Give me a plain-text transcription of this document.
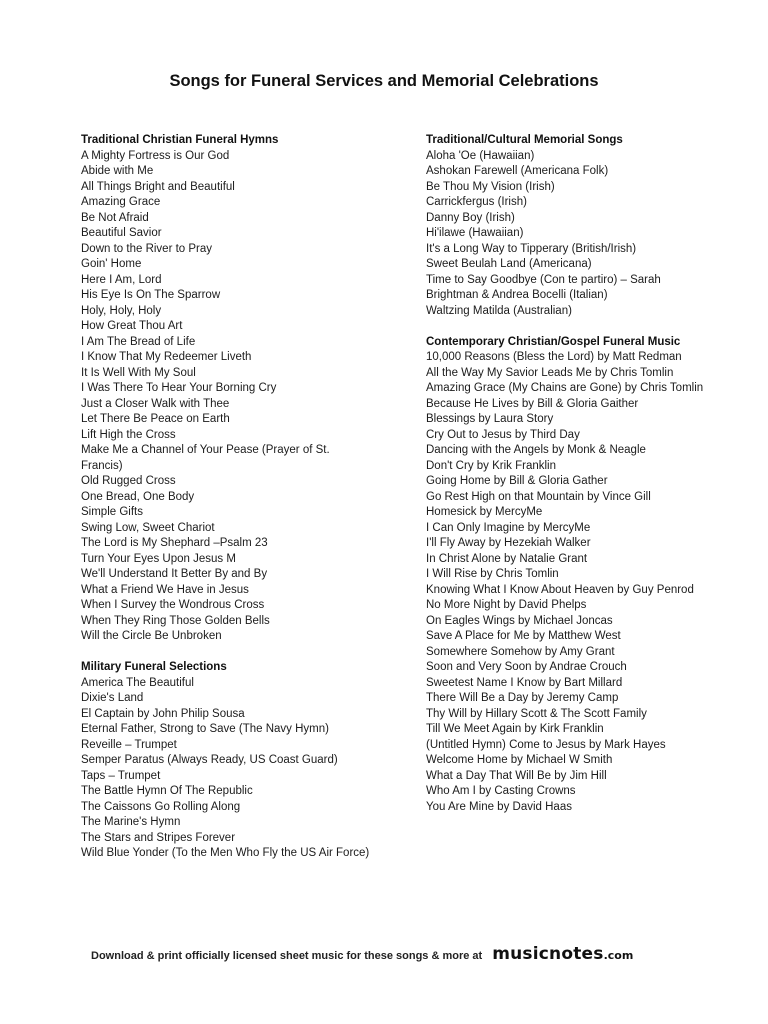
Songs for Funeral Services and Memorial Celebrations
Traditional Christian Funeral Hymns
A Mighty Fortress is Our God
Abide with Me
All Things Bright and Beautiful
Amazing Grace
Be Not Afraid
Beautiful Savior
Down to the River to Pray
Goin' Home
Here I Am, Lord
His Eye Is On The Sparrow
Holy, Holy, Holy
How Great Thou Art
I Am The Bread of Life
I Know That My Redeemer Liveth
It Is Well With My Soul
I Was There To Hear Your Borning Cry
Just a Closer Walk with Thee
Let There Be Peace on Earth
Lift High the Cross
Make Me a Channel of Your Pease (Prayer of St. Francis)
Old Rugged Cross
One Bread, One Body
Simple Gifts
Swing Low, Sweet Chariot
The Lord is My Shephard –Psalm 23
Turn Your Eyes Upon Jesus M
We'll Understand It Better By and By
What a Friend We Have in Jesus
When I Survey the Wondrous Cross
When They Ring Those Golden Bells
Will the Circle Be Unbroken
Military Funeral Selections
America The Beautiful
Dixie's Land
El Captain by John Philip Sousa
Eternal Father, Strong to Save (The Navy Hymn)
Reveille – Trumpet
Semper Paratus (Always Ready, US Coast Guard)
Taps – Trumpet
The Battle Hymn Of The Republic
The Caissons Go Rolling Along
The Marine's Hymn
The Stars and Stripes Forever
Wild Blue Yonder (To the Men Who Fly the US Air Force)
Traditional/Cultural Memorial Songs
Aloha 'Oe (Hawaiian)
Ashokan Farewell (Americana Folk)
Be Thou My Vision (Irish)
Carrickfergus (Irish)
Danny Boy (Irish)
Hi'ilawe (Hawaiian)
It's a Long Way to Tipperary (British/Irish)
Sweet Beulah Land (Americana)
Time to Say Goodbye (Con te partiro) – Sarah Brightman & Andrea Bocelli (Italian)
Waltzing Matilda (Australian)
Contemporary Christian/Gospel Funeral Music
10,000 Reasons (Bless the Lord) by Matt Redman
All the Way My Savior Leads Me by Chris Tomlin
Amazing Grace (My Chains are Gone) by Chris Tomlin
Because He Lives by Bill & Gloria Gaither
Blessings by Laura Story
Cry Out to Jesus by Third Day
Dancing with the Angels by Monk & Neagle
Don't Cry by Krik Franklin
Going Home by Bill & Gloria Gather
Go Rest High on that Mountain by Vince Gill
Homesick by MercyMe
I Can Only Imagine by MercyMe
I'll Fly Away by Hezekiah Walker
In Christ Alone by Natalie Grant
I Will Rise by Chris Tomlin
Knowing What I Know About Heaven by Guy Penrod
No More Night by David Phelps
On Eagles Wings by Michael Joncas
Save A Place for Me by Matthew West
Somewhere Somehow by Amy Grant
Soon and Very Soon by Andrae Crouch
Sweetest Name I Know by Bart Millard
There Will Be a Day by Jeremy Camp
Thy Will by Hillary Scott & The Scott Family
Till We Meet Again by Kirk Franklin
(Untitled Hymn) Come to Jesus by Mark Hayes
Welcome Home by Michael W Smith
What a Day That Will Be by Jim Hill
Who Am I by Casting Crowns
You Are Mine by David Haas
Download & print officially licensed sheet music for these songs & more at musicnotes .com
